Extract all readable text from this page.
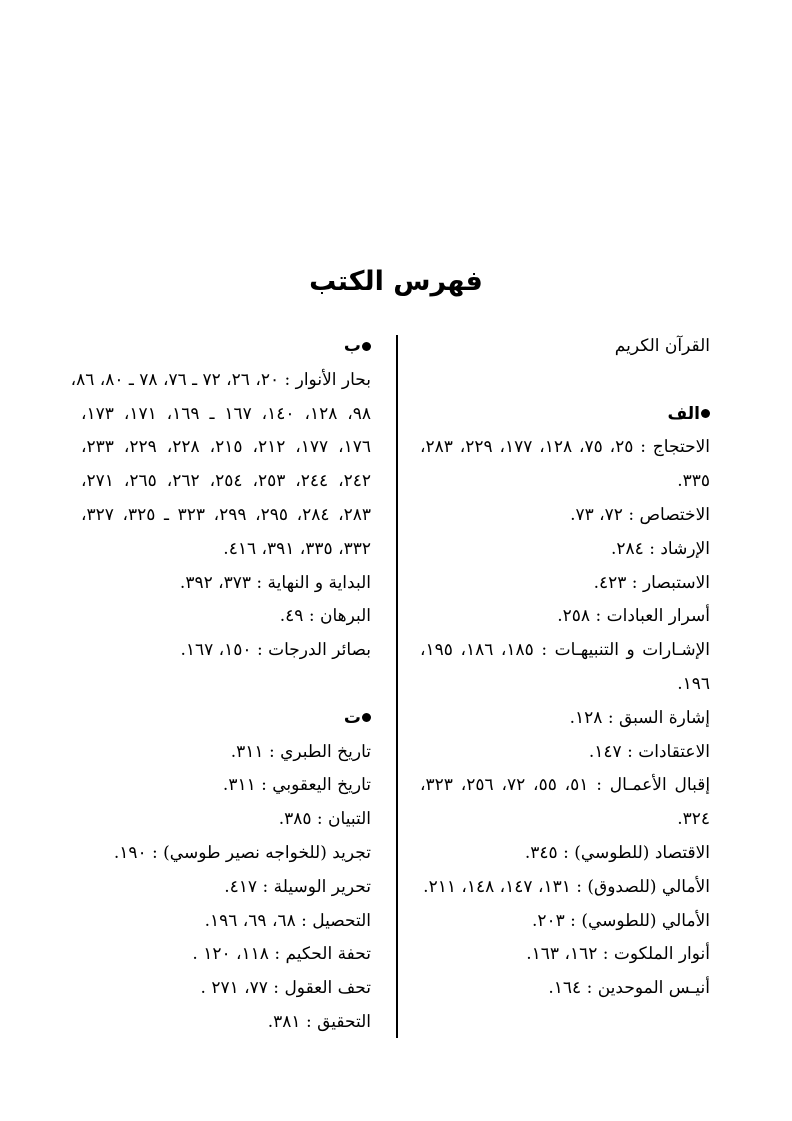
فهرس الكتب
القرآن الكريم
الف
الاحتجاج : ٢٥، ٧٥، ١٢٨، ١٧٧، ٢٢٩، ٢٨٣،
٣٣٥.
الاختصاص : ٧٢، ٧٣.
الإرشاد : ٢٨٤.
الاستبصار : ٤٢٣.
أسرار العبادات : ٢٥٨.
الإشـارات و التنبيهـات : ١٨٥، ١٨٦، ١٩٥،
١٩٦.
إشارة السبق : ١٢٨.
الاعتقادات : ١٤٧.
إقبال الأعمـال : ٥١، ٥٥، ٧٢، ٢٥٦، ٣٢٣،
٣٢٤.
الاقتصاد (للطوسي) : ٣٤٥.
الأمالي (للصدوق) : ١٣١، ١٤٧، ١٤٨، ٢١١.
الأمالي (للطوسي) : ٢٠٣.
أنوار الملكوت : ١٦٢، ١٦٣.
أنيـس الموحدين : ١٦٤.
ب
بحار الأنوار : ٢٠، ٢٦، ٧٢ ـ ٧٦، ٧٨ ـ ٨٠، ٨٦،
٩٨، ١٢٨، ١٤٠، ١٦٧ ـ ١٦٩، ١٧١، ١٧٣،
١٧٦، ١٧٧، ٢١٢، ٢١٥، ٢٢٨، ٢٢٩، ٢٣٣،
٢٤٢، ٢٤٤، ٢٥٣، ٢٥٤، ٢٦٢، ٢٦٥، ٢٧١،
٢٨٣، ٢٨٤، ٢٩٥، ٢٩٩، ٣٢٣ ـ ٣٢٥، ٣٢٧،
٣٣٢، ٣٣٥، ٣٩١، ٤١٦.
البداية و النهاية : ٣٧٣، ٣٩٢.
البرهان : ٤٩.
بصائر الدرجات : ١٥٠، ١٦٧.
ت
تاريخ الطبري : ٣١١.
تاريخ اليعقوبي : ٣١١.
التبيان : ٣٨٥.
تجريد (للخواجه نصير طوسي) : ١٩٠.
تحرير الوسيلة : ٤١٧.
التحصيل : ٦٨، ٦٩، ١٩٦.
تحفة الحكيم : ١١٨، ١٢٠ .
تحف العقول : ٧٧، ٢٧١ .
التحقيق : ٣٨١.
